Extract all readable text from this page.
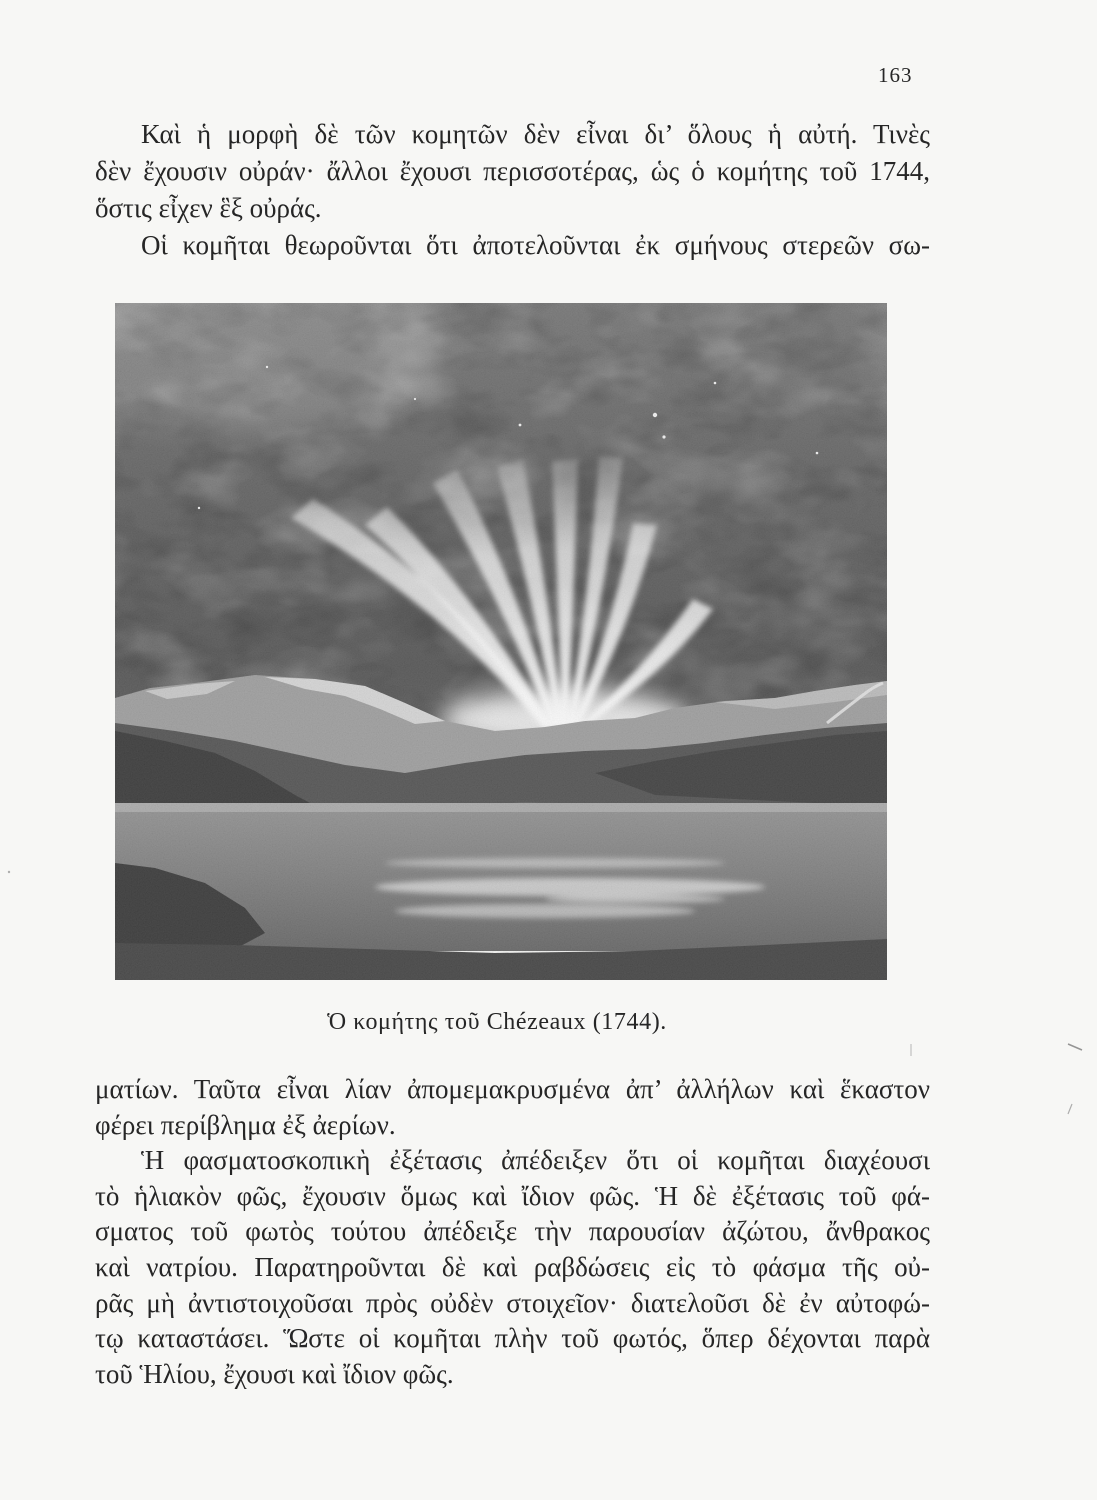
163
Καὶ ἡ μορφὴ δὲ τῶν κομητῶν δὲν εἶναι δι’ ὅλους ἡ αὐτή. Τινὲς
δὲν ἔχουσιν οὐράν· ἄλλοι ἔχουσι περισσοτέρας, ὡς ὁ κομήτης τοῦ 1744,
ὅστις εἶχεν ἓξ οὐράς.
Οἱ κομῆται θεωροῦνται ὅτι ἀποτελοῦνται ἐκ σμήνους στερεῶν σω-
Ὁ κομήτης τοῦ Chézeaux (1744).
ματίων. Ταῦτα εἶναι λίαν ἀπομεμακρυσμένα ἀπ’ ἀλλήλων καὶ ἕκαστον
φέρει περίβλημα ἐξ ἀερίων.
Ἡ φασματοσκοπικὴ ἐξέτασις ἀπέδειξεν ὅτι οἱ κομῆται διαχέουσι
τὸ ἡλιακὸν φῶς, ἔχουσιν ὅμως καὶ ἴδιον φῶς. Ἡ δὲ ἐξέτασις τοῦ φά-
σματος τοῦ φωτὸς τούτου ἀπέδειξε τὴν παρουσίαν ἀζώτου, ἄνθρακος
καὶ νατρίου. Παρατηροῦνται δὲ καὶ ραβδώσεις εἰς τὸ φάσμα τῆς οὐ-
ρᾶς μὴ ἀντιστοιχοῦσαι πρὸς οὐδὲν στοιχεῖον· διατελοῦσι δὲ ἐν αὐτοφώ-
τῳ καταστάσει. Ὥστε οἱ κομῆται πλὴν τοῦ φωτός, ὅπερ δέχονται παρὰ
τοῦ Ἡλίου, ἔχουσι καὶ ἴδιον φῶς.
